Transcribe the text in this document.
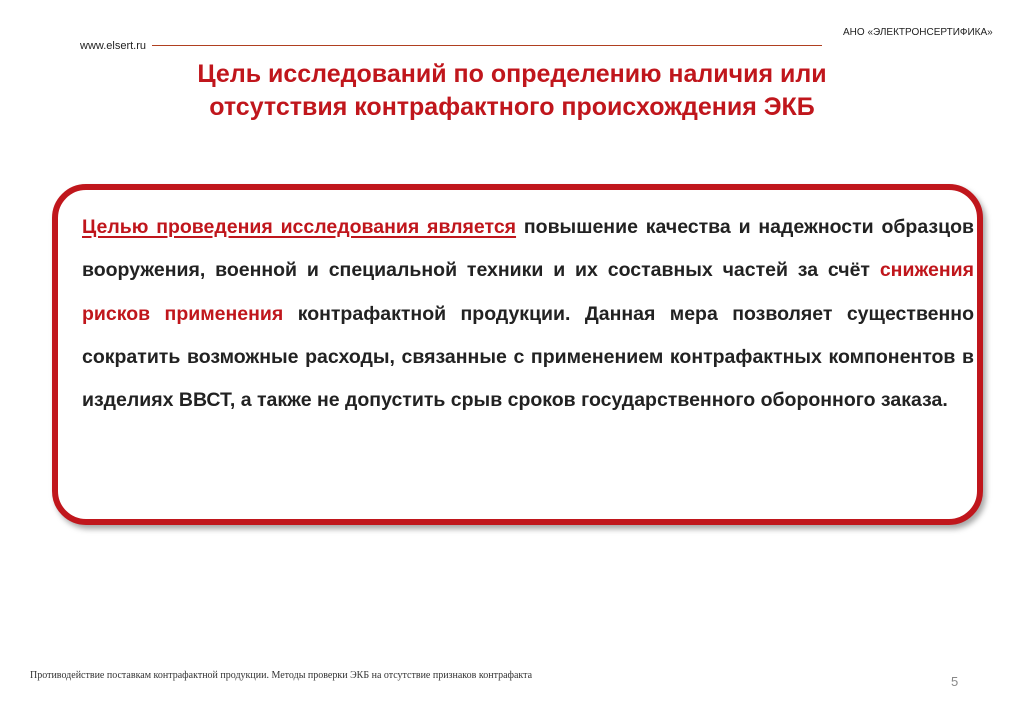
www.elsert.ru
АНО «ЭЛЕКТРОНСЕРТИФИКА»
Цель исследований по определению наличия или
отсутствия контрафактного происхождения ЭКБ
Целью проведения исследования является повышение качества и надежности образцов вооружения, военной и специальной техники и их составных частей за счёт снижения рисков применения контрафактной продукции. Данная мера позволяет существенно сократить возможные расходы, связанные с применением контрафактных компонентов в изделиях ВВСТ, а также не допустить срыв сроков государственного оборонного заказа.
Противодействие поставкам контрафактной продукции. Методы проверки ЭКБ на отсутствие признаков контрафакта	5
